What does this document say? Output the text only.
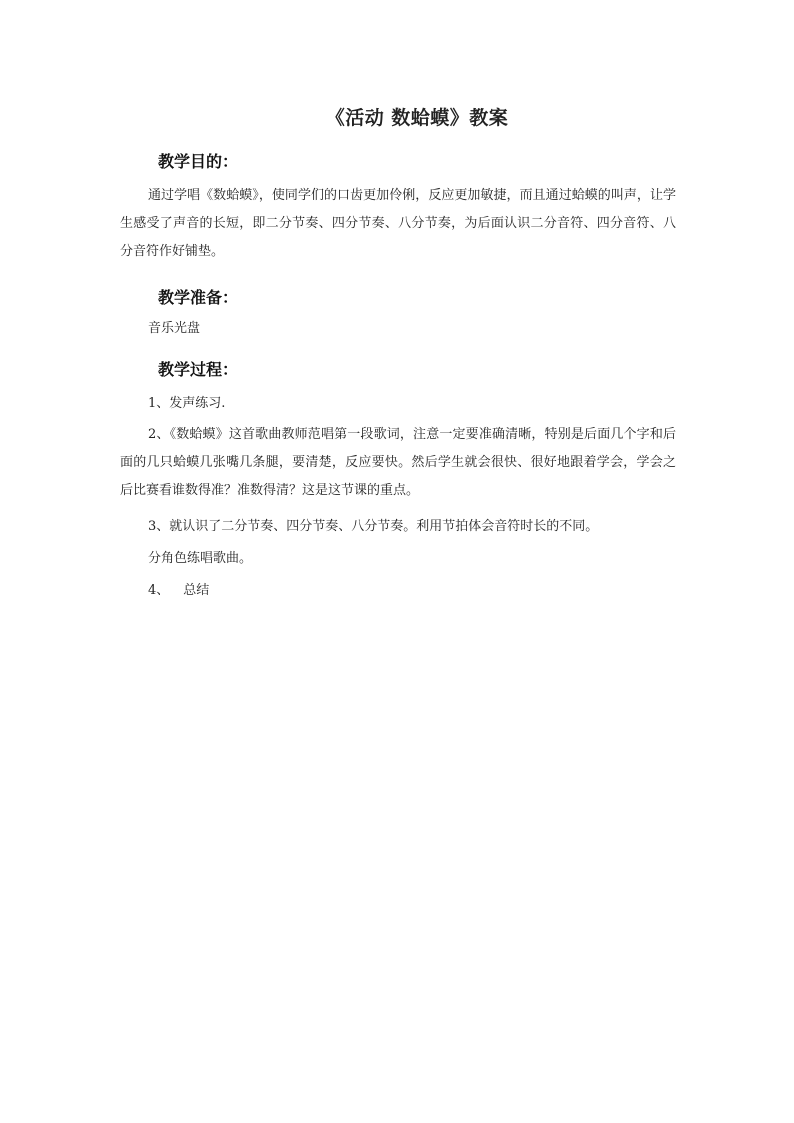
《活动 数蛤蟆》教案
教学目的：

通过学唱《数蛤蟆》，使同学们的口齿更加伶俐，反应更加敏捷，而且通过蛤蟆的叫声，让学生感受了声音的长短，即二分节奏、四分节奏、八分节奏，为后面认识二分音符、四分音符、八分音符作好铺垫。

教学准备：

音乐光盘

教学过程：

1、发声练习.

2、《数蛤蟆》这首歌曲教师范唱第一段歌词，注意一定要准确清晰，特别是后面几个字和后面的几只蛤蟆几张嘴几条腿，要清楚，反应要快。然后学生就会很快、很好地跟着学会，学会之后比赛看谁数得准？准数得清？这是这节课的重点。

3、就认识了二分节奏、四分节奏、八分节奏。利用节拍体会音符时长的不同。

分角色练唱歌曲。

4、 总结
